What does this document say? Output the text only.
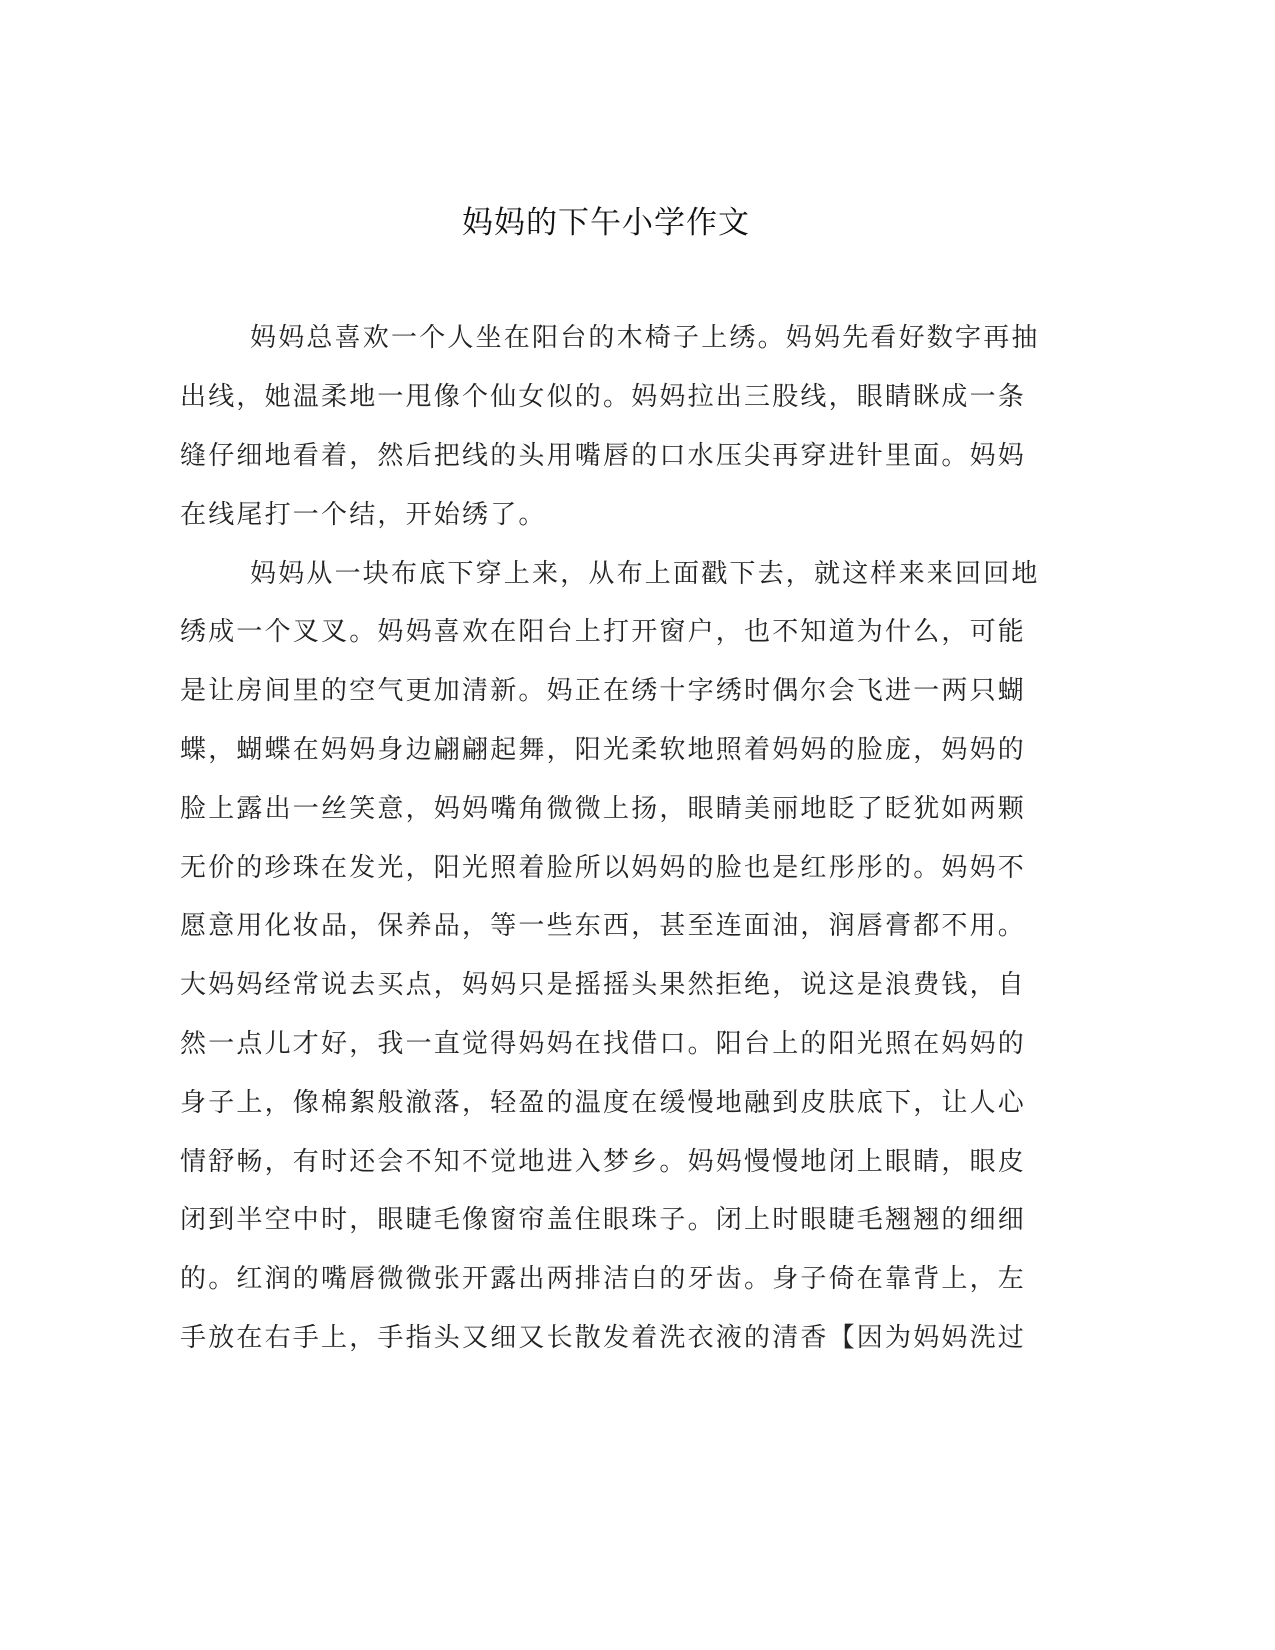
妈妈的下午小学作文
妈妈总喜欢一个人坐在阳台的木椅子上绣。妈妈先看好数字再抽
出线，她温柔地一甩像个仙女似的。妈妈拉出三股线，眼睛眯成一条
缝仔细地看着，然后把线的头用嘴唇的口水压尖再穿进针里面。妈妈
在线尾打一个结，开始绣了。
妈妈从一块布底下穿上来，从布上面戳下去，就这样来来回回地
绣成一个叉叉。妈妈喜欢在阳台上打开窗户，也不知道为什么，可能
是让房间里的空气更加清新。妈正在绣十字绣时偶尔会飞进一两只蝴
蝶，蝴蝶在妈妈身边翩翩起舞，阳光柔软地照着妈妈的脸庞，妈妈的
脸上露出一丝笑意，妈妈嘴角微微上扬，眼睛美丽地眨了眨犹如两颗
无价的珍珠在发光，阳光照着脸所以妈妈的脸也是红彤彤的。妈妈不
愿意用化妆品，保养品，等一些东西，甚至连面油，润唇膏都不用。
大妈妈经常说去买点，妈妈只是摇摇头果然拒绝，说这是浪费钱，自
然一点儿才好，我一直觉得妈妈在找借口。阳台上的阳光照在妈妈的
身子上，像棉絮般澈落，轻盈的温度在缓慢地融到皮肤底下，让人心
情舒畅，有时还会不知不觉地进入梦乡。妈妈慢慢地闭上眼睛，眼皮
闭到半空中时，眼睫毛像窗帘盖住眼珠子。闭上时眼睫毛翘翘的细细
的。红润的嘴唇微微张开露出两排洁白的牙齿。身子倚在靠背上，左
手放在右手上，手指头又细又长散发着洗衣液的清香【因为妈妈洗过
